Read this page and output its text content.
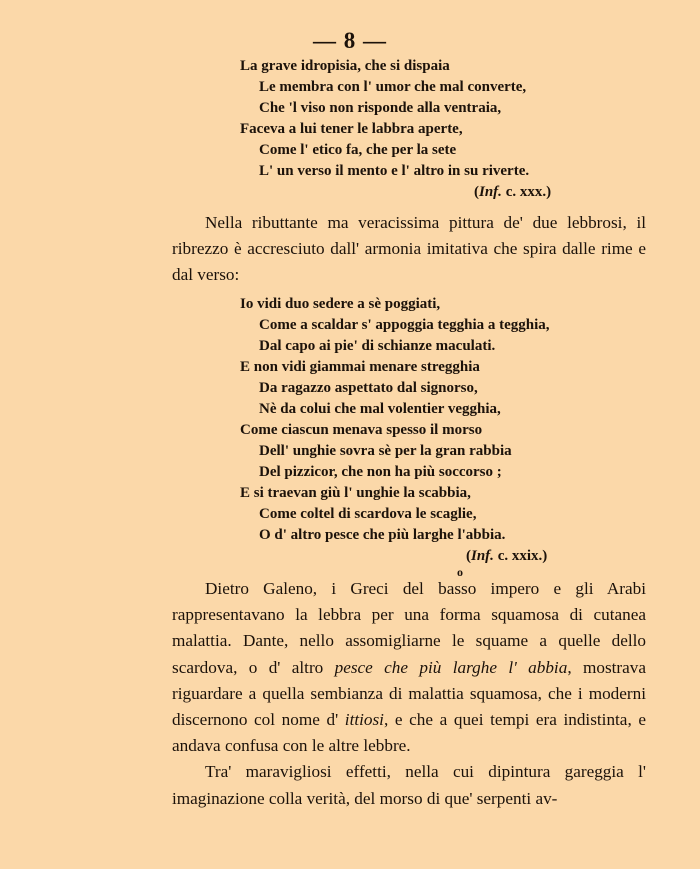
— 8 —
La grave idropisia, che si dispaia
Le membra con l' umor che mal converte,
Che 'l viso non risponde alla ventraia,
Faceva a lui tener le labbra aperte,
Come l' etico fa, che per la sete
L' un verso il mento e l' altro in su riverte.
(Inf. c. xxx.)

Nella ributtante ma veracissima pittura de' due lebbrosi, il ribrezzo è accresciuto dall' armonia imitativa che spira dalle rime e dal verso:

Io vidi duo sedere a sè poggiati,
Come a scaldar s' appoggia tegghia a tegghia,
Dal capo ai pie' di schianze maculati.
E non vidi giammai menare stregghia
Da ragazzo aspettato dal signorso,
Nè da colui che mal volentier vegghia,
Come ciascun menava spesso il morso
Dell' unghie sovra sè per la gran rabbia
Del pizzicor, che non ha più soccorso ;
E si traevan giù l' unghie la scabbia,
Come coltel di scardova le scaglie,
O d' altro pesce che più larghe l'abbia.
(Inf. c. xxix.)
o

Dietro Galeno, i Greci del basso impero e gli Arabi rappresentavano la lebbra per una forma squamosa di cutanea malattia. Dante, nello assomigliarne le squame a quelle dello scardova, o d' altro pesce che più larghe l' abbia, mostrava riguardare a quella sembianza di malattia squamosa, che i moderni discernono col nome d' ittiosi, e che a quei tempi era indistinta, e andava confusa con le altre lebbre.

Tra' maravigliosi effetti, nella cui dipintura gareggia l' imaginazione colla verità, del morso di que' serpenti av-
